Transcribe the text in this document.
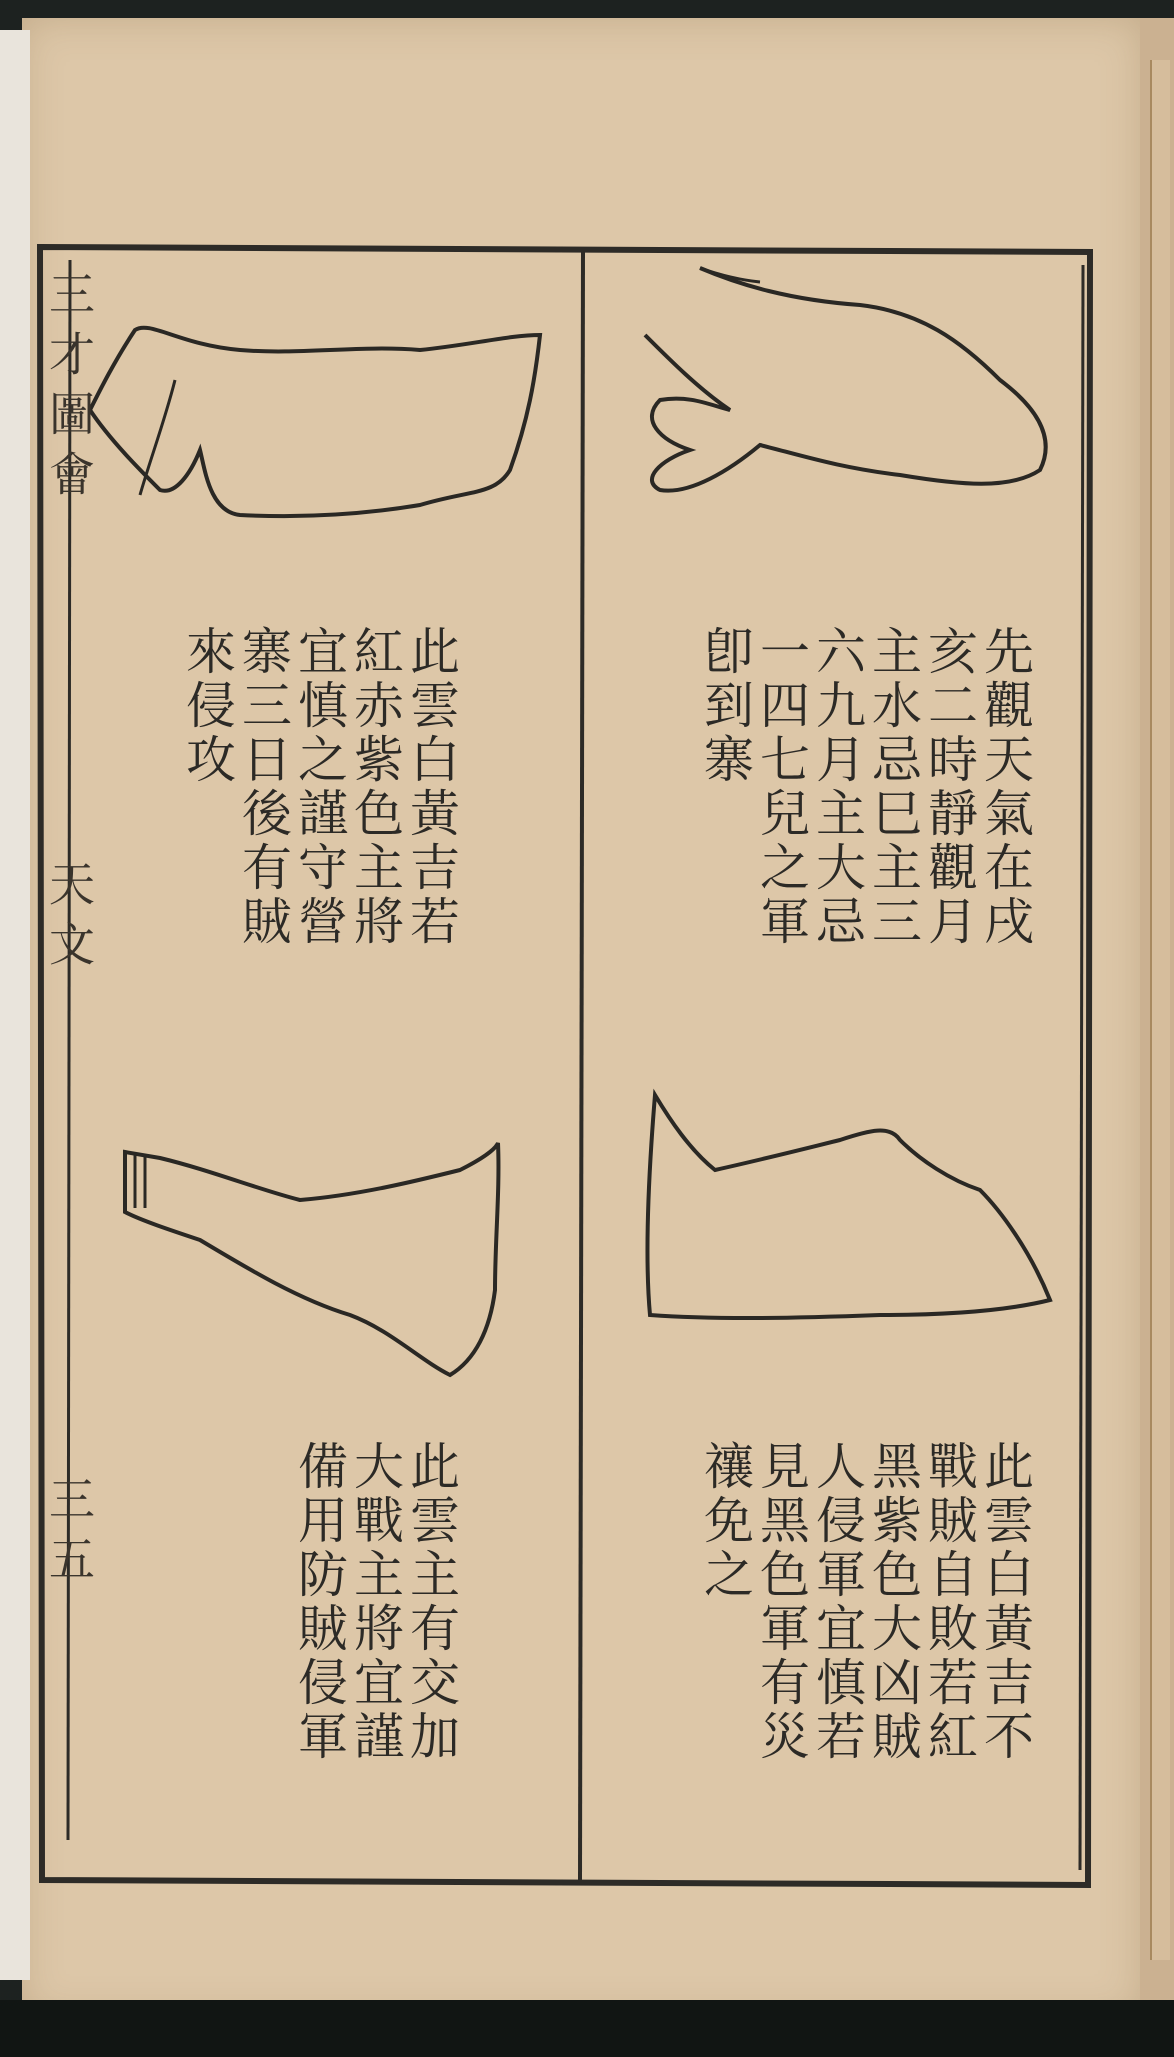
三才圖會
天文
三五
此雲白黃吉若
紅赤紫色主將
宜慎之謹守營
寨三日後有賊
來侵攻	先觀天氣在戌
亥二時靜觀月
主水忌巳主三
六九月主大忌
一四七兒之軍
卽到寨
此雲主有交加
大戰主將宜謹
備用防賊侵軍	此雲白黃吉不
戰賊自敗若紅
黑紫色大凶賊
人侵軍宜慎若
見黑色軍有災
禳免之
